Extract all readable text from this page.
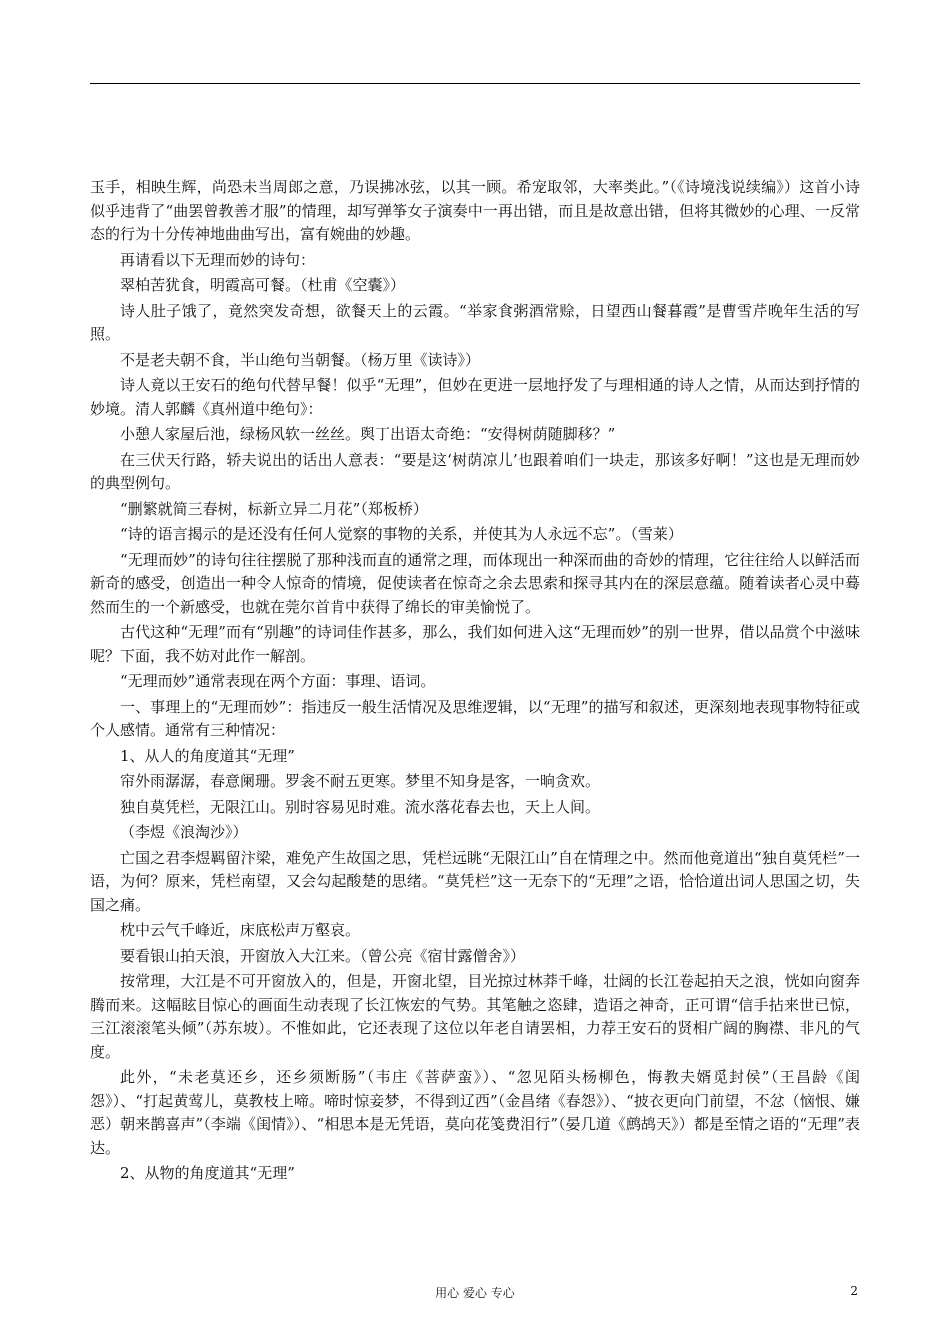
玉手，相映生辉，尚恐未当周郎之意，乃误拂冰弦，以其一顾。希宠取邻，大率类此。”（《诗境浅说续编》）这首小诗似乎违背了“曲罢曾教善才服”的情理，却写弹筝女子演奏中一再出错，而且是故意出错，但将其微妙的心理、一反常态的行为十分传神地曲曲写出，富有婉曲的妙趣。

再请看以下无理而妙的诗句：

翠柏苦犹食，明霞高可餐。（杜甫《空囊》）

诗人肚子饿了，竟然突发奇想，欲餐天上的云霞。“举家食粥酒常赊，日望西山餐暮霞”是曹雪芹晚年生活的写照。

不是老夫朝不食，半山绝句当朝餐。（杨万里《读诗》）

诗人竟以王安石的绝句代替早餐！似乎“无理”，但妙在更进一层地抒发了与理相通的诗人之情，从而达到抒情的妙境。清人郭麟《真州道中绝句》：

小憩人家屋后池，绿杨风软一丝丝。舆丁出语太奇绝：“安得树荫随脚移？”

在三伏天行路，轿夫说出的话出人意表：“要是这‘树荫凉儿’也跟着咱们一块走，那该多好啊！”这也是无理而妙的典型例句。

“删繁就简三春树，标新立异二月花”（郑板桥）

“诗的语言揭示的是还没有任何人觉察的事物的关系，并使其为人永远不忘”。（雪莱）

“无理而妙”的诗句往往摆脱了那种浅而直的通常之理，而体现出一种深而曲的奇妙的情理，它往往给人以鲜活而新奇的感受，创造出一种令人惊奇的情境，促使读者在惊奇之余去思索和探寻其内在的深层意蕴。随着读者心灵中蓦然而生的一个新感受，也就在莞尔首肯中获得了绵长的审美愉悦了。

古代这种“无理”而有“别趣”的诗词佳作甚多，那么，我们如何进入这“无理而妙”的别一世界，借以品赏个中滋味呢？下面，我不妨对此作一解剖。

“无理而妙”通常表现在两个方面：事理、语词。

一、事理上的“无理而妙”：指违反一般生活情况及思维逻辑，以“无理”的描写和叙述，更深刻地表现事物特征或个人感情。通常有三种情况：

1、从人的角度道其“无理”

帘外雨潺潺，春意阑珊。罗衾不耐五更寒。梦里不知身是客，一晌贪欢。

独自莫凭栏，无限江山。别时容易见时难。流水落花春去也，天上人间。

（李煜《浪淘沙》）

亡国之君李煜羁留汴梁，难免产生故国之思，凭栏远眺“无限江山”自在情理之中。然而他竟道出“独自莫凭栏”一语，为何？原来，凭栏南望，又会勾起酸楚的思绪。“莫凭栏”这一无奈下的“无理”之语，恰恰道出词人思国之切，失国之痛。

枕中云气千峰近，床底松声万壑哀。

要看银山拍天浪，开窗放入大江来。（曾公亮《宿甘露僧舍》）

按常理，大江是不可开窗放入的，但是，开窗北望，目光掠过林莽千峰，壮阔的长江卷起拍天之浪，恍如向窗奔腾而来。这幅眩目惊心的画面生动表现了长江恢宏的气势。其笔触之恣肆，造语之神奇，正可谓“信手拈来世已惊，三江滚滚笔头倾”（苏东坡）。不惟如此，它还表现了这位以年老自请罢相，力荐王安石的贤相广阔的胸襟、非凡的气度。

此外，“未老莫还乡，还乡须断肠”（韦庄《菩萨蛮》）、“忽见陌头杨柳色，悔教夫婿觅封侯”（王昌龄《闺怨》）、“打起黄莺儿，莫教枝上啼。啼时惊妾梦，不得到辽西”（金昌绪《春怨》）、“披衣更向门前望，不忿（恼恨、嫌恶）朝来鹊喜声”（李端《闺情》）、“相思本是无凭语，莫向花笺费泪行”（晏几道《鹧鸪天》）都是至情之语的“无理”表达。

2、从物的角度道其“无理”

用心 爱心 专心	2
